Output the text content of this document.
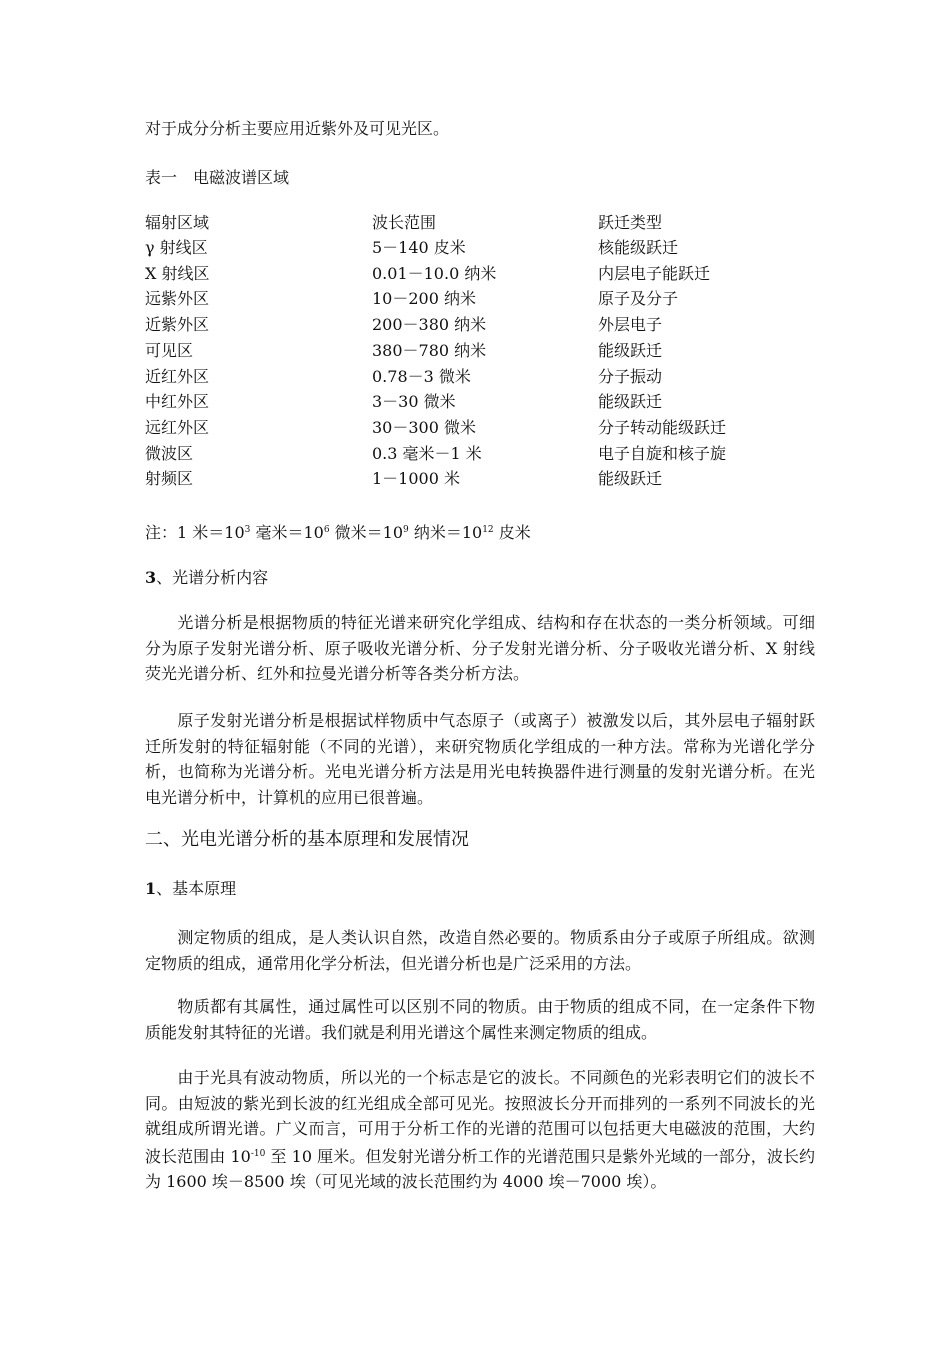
对于成分分析主要应用近紫外及可见光区。
表一　电磁波谱区域
辐射区域	波长范围	跃迁类型
γ 射线区	5－140 皮米	核能级跃迁
X 射线区	0.01－10.0 纳米	内层电子能跃迁
远紫外区	10－200 纳米	原子及分子
近紫外区	200－380 纳米	外层电子
可见区	380－780 纳米	能级跃迁
近红外区	0.78－3 微米	分子振动
中红外区	3－30 微米	能级跃迁
远红外区	30－300 微米	分子转动能级跃迁
微波区	0.3 毫米－1 米	电子自旋和核子旋
射频区	1－1000 米	能级跃迁
注：1 米$=10^3$ 毫米$=10^6$ 微米$=10^9$ 纳米$=10^{12}$ 皮米
3、光谱分析内容
光谱分析是根据物质的特征光谱来研究化学组成、结构和存在状态的一类分析领域。可细分为原子发射光谱分析、原子吸收光谱分析、分子发射光谱分析、分子吸收光谱分析、X 射线荧光光谱分析、红外和拉曼光谱分析等各类分析方法。
原子发射光谱分析是根据试样物质中气态原子（或离子）被激发以后，其外层电子辐射跃迁所发射的特征辐射能（不同的光谱），来研究物质化学组成的一种方法。常称为光谱化学分析，也简称为光谱分析。光电光谱分析方法是用光电转换器件进行测量的发射光谱分析。在光电光谱分析中，计算机的应用已很普遍。
二、光电光谱分析的基本原理和发展情况
1、基本原理
测定物质的组成，是人类认识自然，改造自然必要的。物质系由分子或原子所组成。欲测定物质的组成，通常用化学分析法，但光谱分析也是广泛采用的方法。
物质都有其属性，通过属性可以区别不同的物质。由于物质的组成不同，在一定条件下物质能发射其特征的光谱。我们就是利用光谱这个属性来测定物质的组成。
由于光具有波动物质，所以光的一个标志是它的波长。不同颜色的光彩表明它们的波长不同。由短波的紫光到长波的红光组成全部可见光。按照波长分开而排列的一系列不同波长的光就组成所谓光谱。广义而言，可用于分析工作的光谱的范围可以包括更大电磁波的范围，大约波长范围由 $10^{-10}$ 至 10 厘米。但发射光谱分析工作的光谱范围只是紫外光域的一部分，波长约为 1600 埃－8500 埃（可见光域的波长范围约为 4000 埃－7000 埃）。
